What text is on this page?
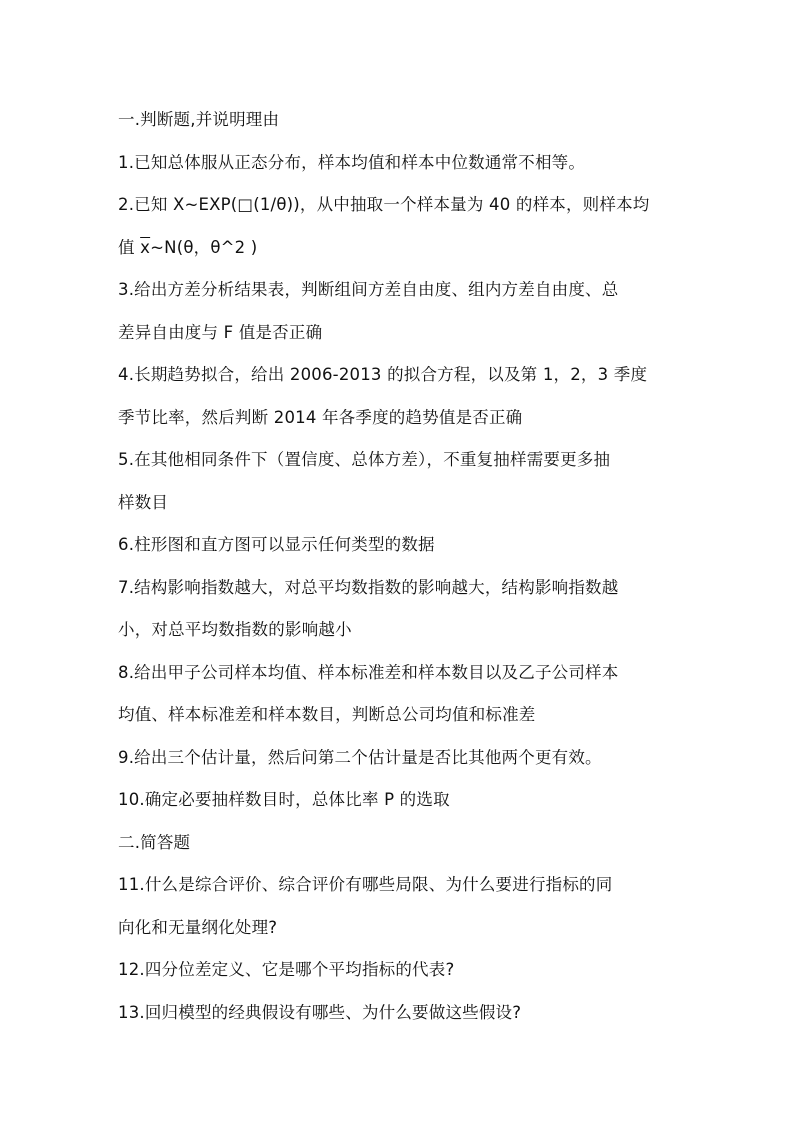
一.判断题,并说明理由
1.已知总体服从正态分布，样本均值和样本中位数通常不相等。
2.已知 X~EXP(□(1/θ))，从中抽取一个样本量为 40 的样本，则样本均
值 $\overline{x}\sim N(\theta$，θ^2 )
3.给出方差分析结果表，判断组间方差自由度、组内方差自由度、总
差异自由度与 F 值是否正确
4.长期趋势拟合，给出 2006-2013 的拟合方程，以及第 1，2，3 季度
季节比率，然后判断 2014 年各季度的趋势值是否正确
5.在其他相同条件下（置信度、总体方差），不重复抽样需要更多抽
样数目
6.柱形图和直方图可以显示任何类型的数据
7.结构影响指数越大，对总平均数指数的影响越大，结构影响指数越
小，对总平均数指数的影响越小
8.给出甲子公司样本均值、样本标准差和样本数目以及乙子公司样本
均值、样本标准差和样本数目，判断总公司均值和标准差
9.给出三个估计量，然后问第二个估计量是否比其他两个更有效。
10.确定必要抽样数目时，总体比率 P 的选取
二.简答题
11.什么是综合评价、综合评价有哪些局限、为什么要进行指标的同
向化和无量纲化处理?
12.四分位差定义、它是哪个平均指标的代表?
13.回归模型的经典假设有哪些、为什么要做这些假设?
